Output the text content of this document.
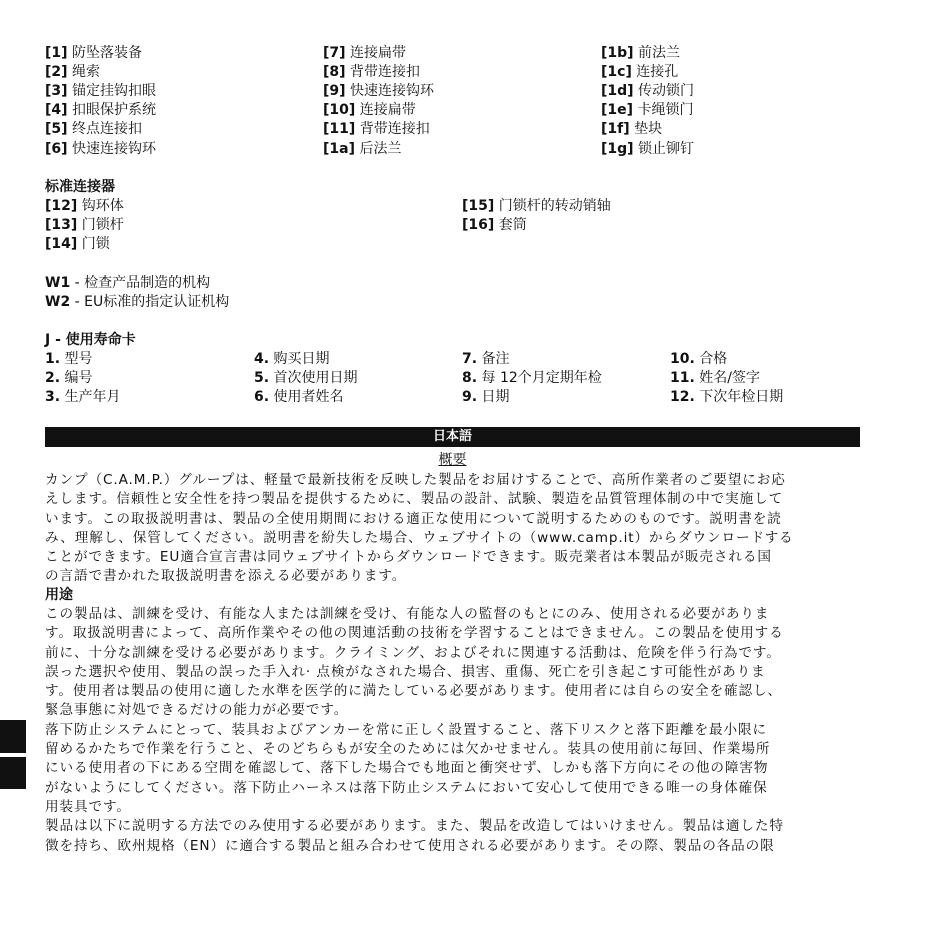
[1] 防坠落装备
[2] 绳索
[3] 锚定挂钩扣眼
[4] 扣眼保护系统
[5] 终点连接扣
[6] 快速连接钩环
[7] 连接扁带
[8] 背带连接扣
[9] 快速连接钩环
[10] 连接扁带
[11] 背带连接扣
[1a] 后法兰
[1b] 前法兰
[1c] 连接孔
[1d] 传动锁门
[1e] 卡绳锁门
[1f] 垫块
[1g] 锁止铆钉
标准连接器
[12] 钩环体
[13] 门锁杆
[14] 门锁
[15] 门锁杆的转动销轴
[16] 套筒
W1 - 检查产品制造的机构
W2 - EU标准的指定认证机构
J - 使用寿命卡
1. 型号
2. 编号
3. 生产年月
4. 购买日期
5. 首次使用日期
6. 使用者姓名
7. 备注
8. 每 12个月定期年检
9. 日期
10. 合格
11. 姓名/签字
12. 下次年检日期
日本語
概要
カンプ（C.A.M.P.）グループは、軽量で最新技術を反映した製品をお届けすることで、高所作業者のご要望にお応
えします。信頼性と安全性を持つ製品を提供するために、製品の設計、試験、製造を品質管理体制の中で実施して
います。この取扱説明書は、製品の全使用期間における適正な使用について説明するためのものです。説明書を読
み、理解し、保管してください。説明書を紛失した場合、ウェブサイトの（www.camp.it）からダウンロードする
ことができます。EU適合宣言書は同ウェブサイトからダウンロードできます。販売業者は本製品が販売される国
の言語で書かれた取扱説明書を添える必要があります。
用途
この製品は、訓練を受け、有能な人または訓練を受け、有能な人の監督のもとにのみ、使用される必要がありま
す。取扱説明書によって、高所作業やその他の関連活動の技術を学習することはできません。この製品を使用する
前に、十分な訓練を受ける必要があります。クライミング、およびそれに関連する活動は、危険を伴う行為です。
誤った選択や使用、製品の誤った手入れ· 点検がなされた場合、損害、重傷、死亡を引き起こす可能性がありま
す。使用者は製品の使用に適した水準を医学的に満たしている必要があります。使用者には自らの安全を確認し、
緊急事態に対処できるだけの能力が必要です。
落下防止システムにとって、装具およびアンカーを常に正しく設置すること、落下リスクと落下距離を最小限に
留めるかたちで作業を行うこと、そのどちらもが安全のためには欠かせません。装具の使用前に毎回、作業場所
にいる使用者の下にある空間を確認して、落下した場合でも地面と衝突せず、しかも落下方向にその他の障害物
がないようにしてください。落下防止ハーネスは落下防止システムにおいて安心して使用できる唯一の身体確保
用装具です。
製品は以下に説明する方法でのみ使用する必要があります。また、製品を改造してはいけません。製品は適した特
徴を持ち、欧州規格（EN）に適合する製品と組み合わせて使用される必要があります。その際、製品の各品の限
